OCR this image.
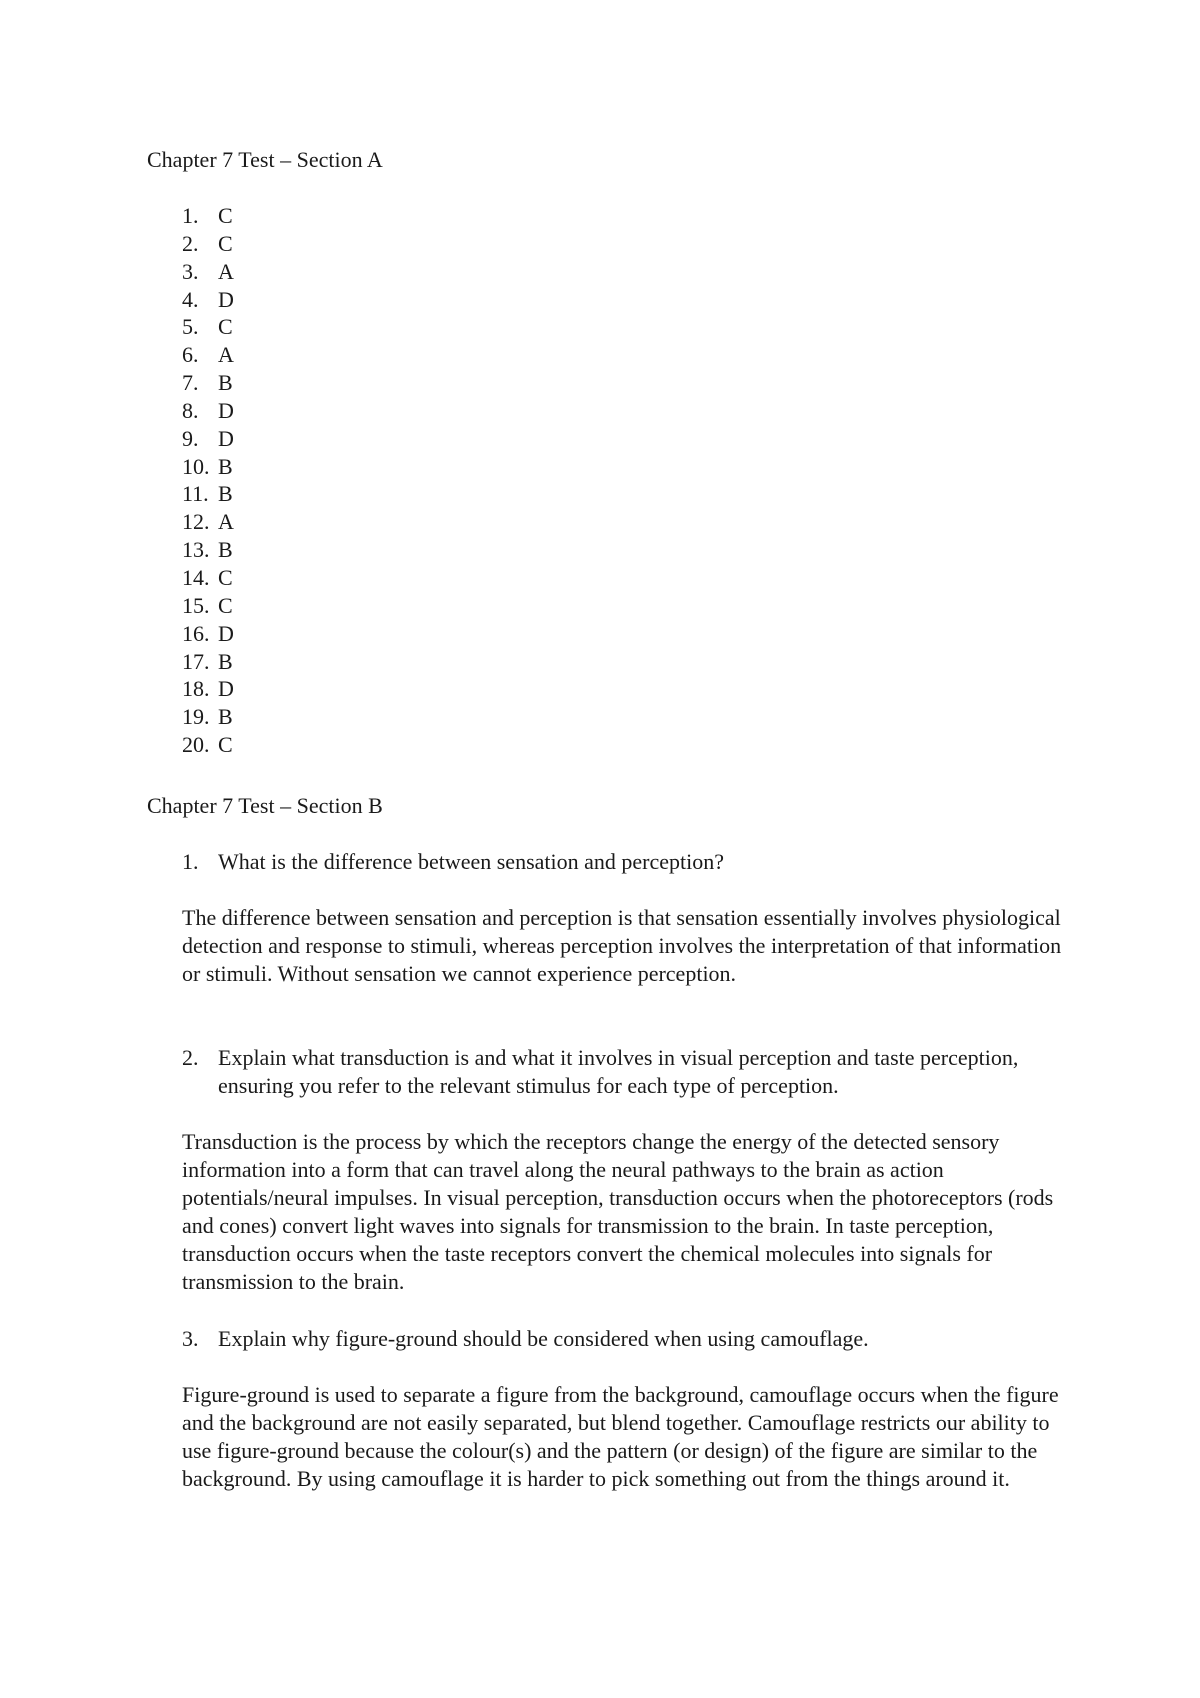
Chapter 7 Test – Section A
1. C
2. C
3. A
4. D
5. C
6. A
7. B
8. D
9. D
10. B
11. B
12. A
13. B
14. C
15. C
16. D
17. B
18. D
19. B
20. C
Chapter 7 Test – Section B
1. What is the difference between sensation and perception?

The difference between sensation and perception is that sensation essentially involves physiological detection and response to stimuli, whereas perception involves the interpretation of that information or stimuli. Without sensation we cannot experience perception.

2. Explain what transduction is and what it involves in visual perception and taste perception, ensuring you refer to the relevant stimulus for each type of perception.

Transduction is the process by which the receptors change the energy of the detected sensory information into a form that can travel along the neural pathways to the brain as action potentials/neural impulses. In visual perception, transduction occurs when the photoreceptors (rods and cones) convert light waves into signals for transmission to the brain. In taste perception, transduction occurs when the taste receptors convert the chemical molecules into signals for transmission to the brain.

3. Explain why figure-ground should be considered when using camouflage.

Figure-ground is used to separate a figure from the background, camouflage occurs when the figure and the background are not easily separated, but blend together. Camouflage restricts our ability to use figure-ground because the colour(s) and the pattern (or design) of the figure are similar to the background. By using camouflage it is harder to pick something out from the things around it.
